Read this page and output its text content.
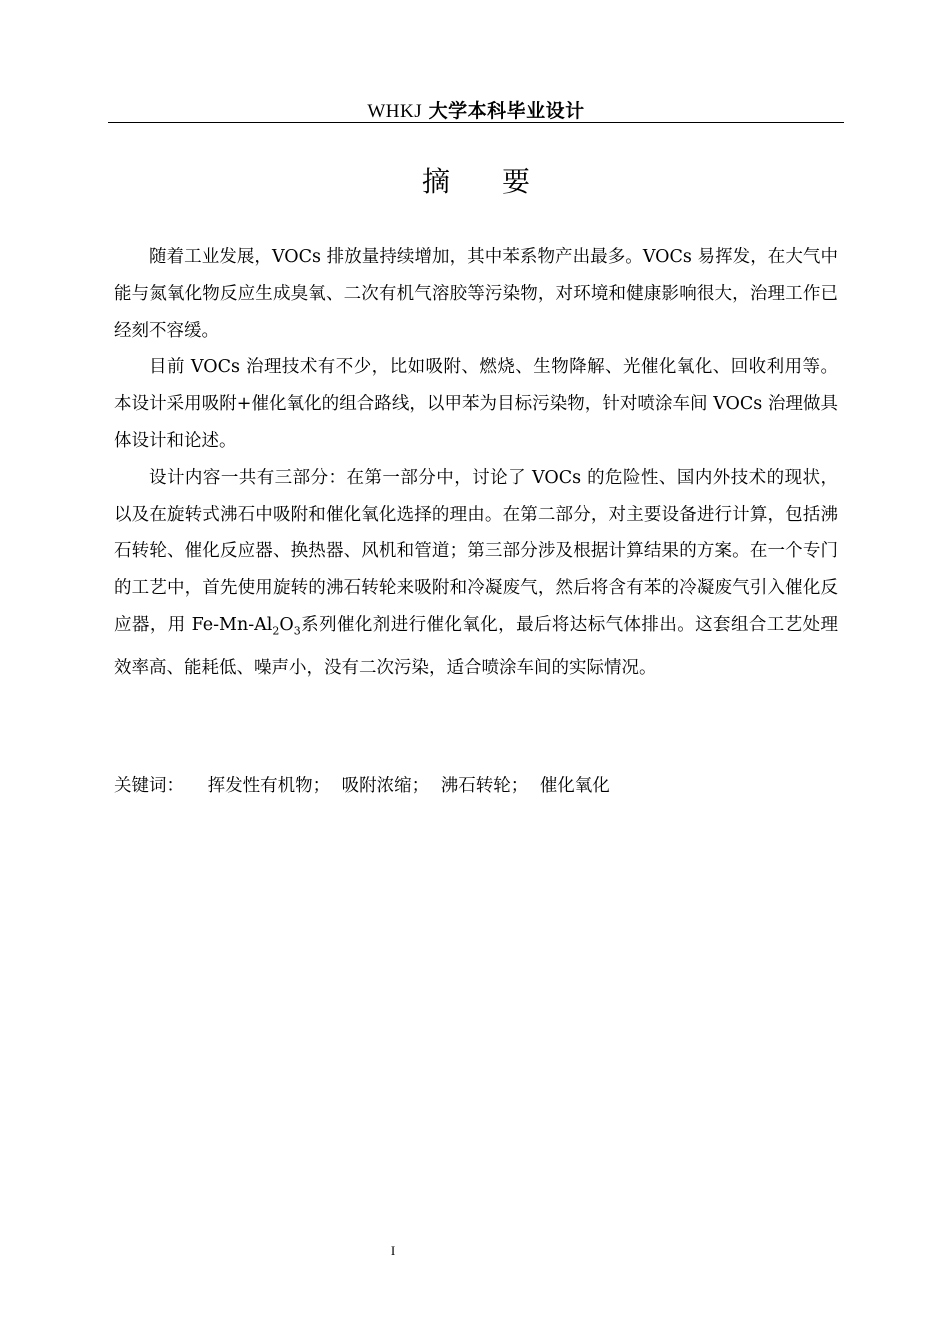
WHKJ 大学本科毕业设计
摘要

随着工业发展，VOCs 排放量持续增加，其中苯系物产出最多。VOCs 易挥发，在大气中能与氮氧化物反应生成臭氧、二次有机气溶胶等污染物，对环境和健康影响很大，治理工作已经刻不容缓。

目前 VOCs 治理技术有不少，比如吸附、燃烧、生物降解、光催化氧化、回收利用等。本设计采用吸附+催化氧化的组合路线，以甲苯为目标污染物，针对喷涂车间 VOCs 治理做具体设计和论述。

设计内容一共有三部分：在第一部分中，讨论了 VOCs 的危险性、国内外技术的现状，以及在旋转式沸石中吸附和催化氧化选择的理由。在第二部分，对主要设备进行计算，包括沸石转轮、催化反应器、换热器、风机和管道；第三部分涉及根据计算结果的方案。在一个专门的工艺中，首先使用旋转的沸石转轮来吸附和冷凝废气，然后将含有苯的冷凝废气引入催化反应器，用 $Fe-Mn-Al_2O_3$系列催化剂进行催化氧化，最后将达标气体排出。这套组合工艺处理效率高、能耗低、噪声小，没有二次污染，适合喷涂车间的实际情况。

关键词： 挥发性有机物； 吸附浓缩； 沸石转轮； 催化氧化
I
